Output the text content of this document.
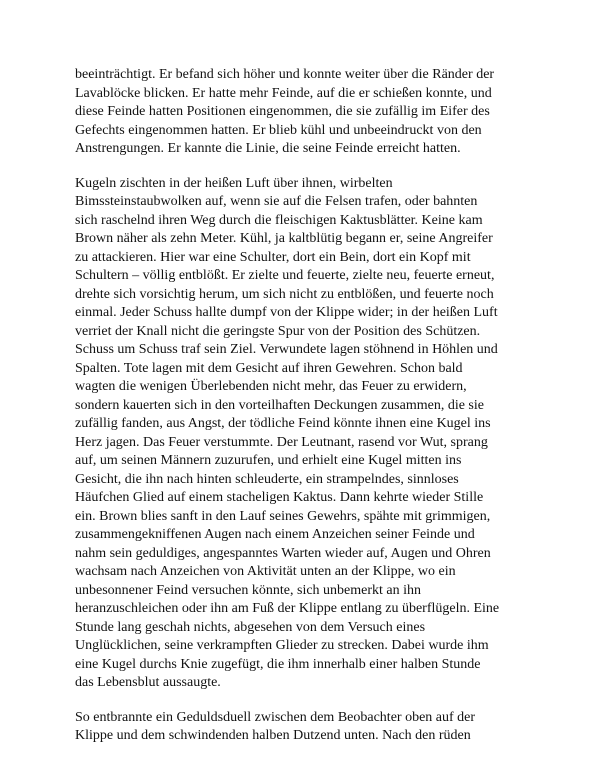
beeinträchtigt. Er befand sich höher und konnte weiter über die Ränder der
Lavablöcke blicken. Er hatte mehr Feinde, auf die er schießen konnte, und
diese Feinde hatten Positionen eingenommen, die sie zufällig im Eifer des
Gefechts eingenommen hatten. Er blieb kühl und unbeeindruckt von den
Anstrengungen. Er kannte die Linie, die seine Feinde erreicht hatten.

Kugeln zischten in der heißen Luft über ihnen, wirbelten
Bimssteinstaubwolken auf, wenn sie auf die Felsen trafen, oder bahnten
sich raschelnd ihren Weg durch die fleischigen Kaktusblätter. Keine kam
Brown näher als zehn Meter. Kühl, ja kaltblütig begann er, seine Angreifer
zu attackieren. Hier war eine Schulter, dort ein Bein, dort ein Kopf mit
Schultern – völlig entblößt. Er zielte und feuerte, zielte neu, feuerte erneut,
drehte sich vorsichtig herum, um sich nicht zu entblößen, und feuerte noch
einmal. Jeder Schuss hallte dumpf von der Klippe wider; in der heißen Luft
verriet der Knall nicht die geringste Spur von der Position des Schützen.
Schuss um Schuss traf sein Ziel. Verwundete lagen stöhnend in Höhlen und
Spalten. Tote lagen mit dem Gesicht auf ihren Gewehren. Schon bald
wagten die wenigen Überlebenden nicht mehr, das Feuer zu erwidern,
sondern kauerten sich in den vorteilhaften Deckungen zusammen, die sie
zufällig fanden, aus Angst, der tödliche Feind könnte ihnen eine Kugel ins
Herz jagen. Das Feuer verstummte. Der Leutnant, rasend vor Wut, sprang
auf, um seinen Männern zuzurufen, und erhielt eine Kugel mitten ins
Gesicht, die ihn nach hinten schleuderte, ein strampelndes, sinnloses
Häufchen Glied auf einem stacheligen Kaktus. Dann kehrte wieder Stille
ein. Brown blies sanft in den Lauf seines Gewehrs, spähte mit grimmigen,
zusammengekniffenen Augen nach einem Anzeichen seiner Feinde und
nahm sein geduldiges, angespanntes Warten wieder auf, Augen und Ohren
wachsam nach Anzeichen von Aktivität unten an der Klippe, wo ein
unbesonnener Feind versuchen könnte, sich unbemerkt an ihn
heranzuschleichen oder ihn am Fuß der Klippe entlang zu überflügeln. Eine
Stunde lang geschah nichts, abgesehen von dem Versuch eines
Unglücklichen, seine verkrampften Glieder zu strecken. Dabei wurde ihm
eine Kugel durchs Knie zugefügt, die ihm innerhalb einer halben Stunde
das Lebensblut aussaugte.

So entbrannte ein Geduldsduell zwischen dem Beobachter oben auf der
Klippe und dem schwindenden halben Dutzend unten. Nach den rüden
